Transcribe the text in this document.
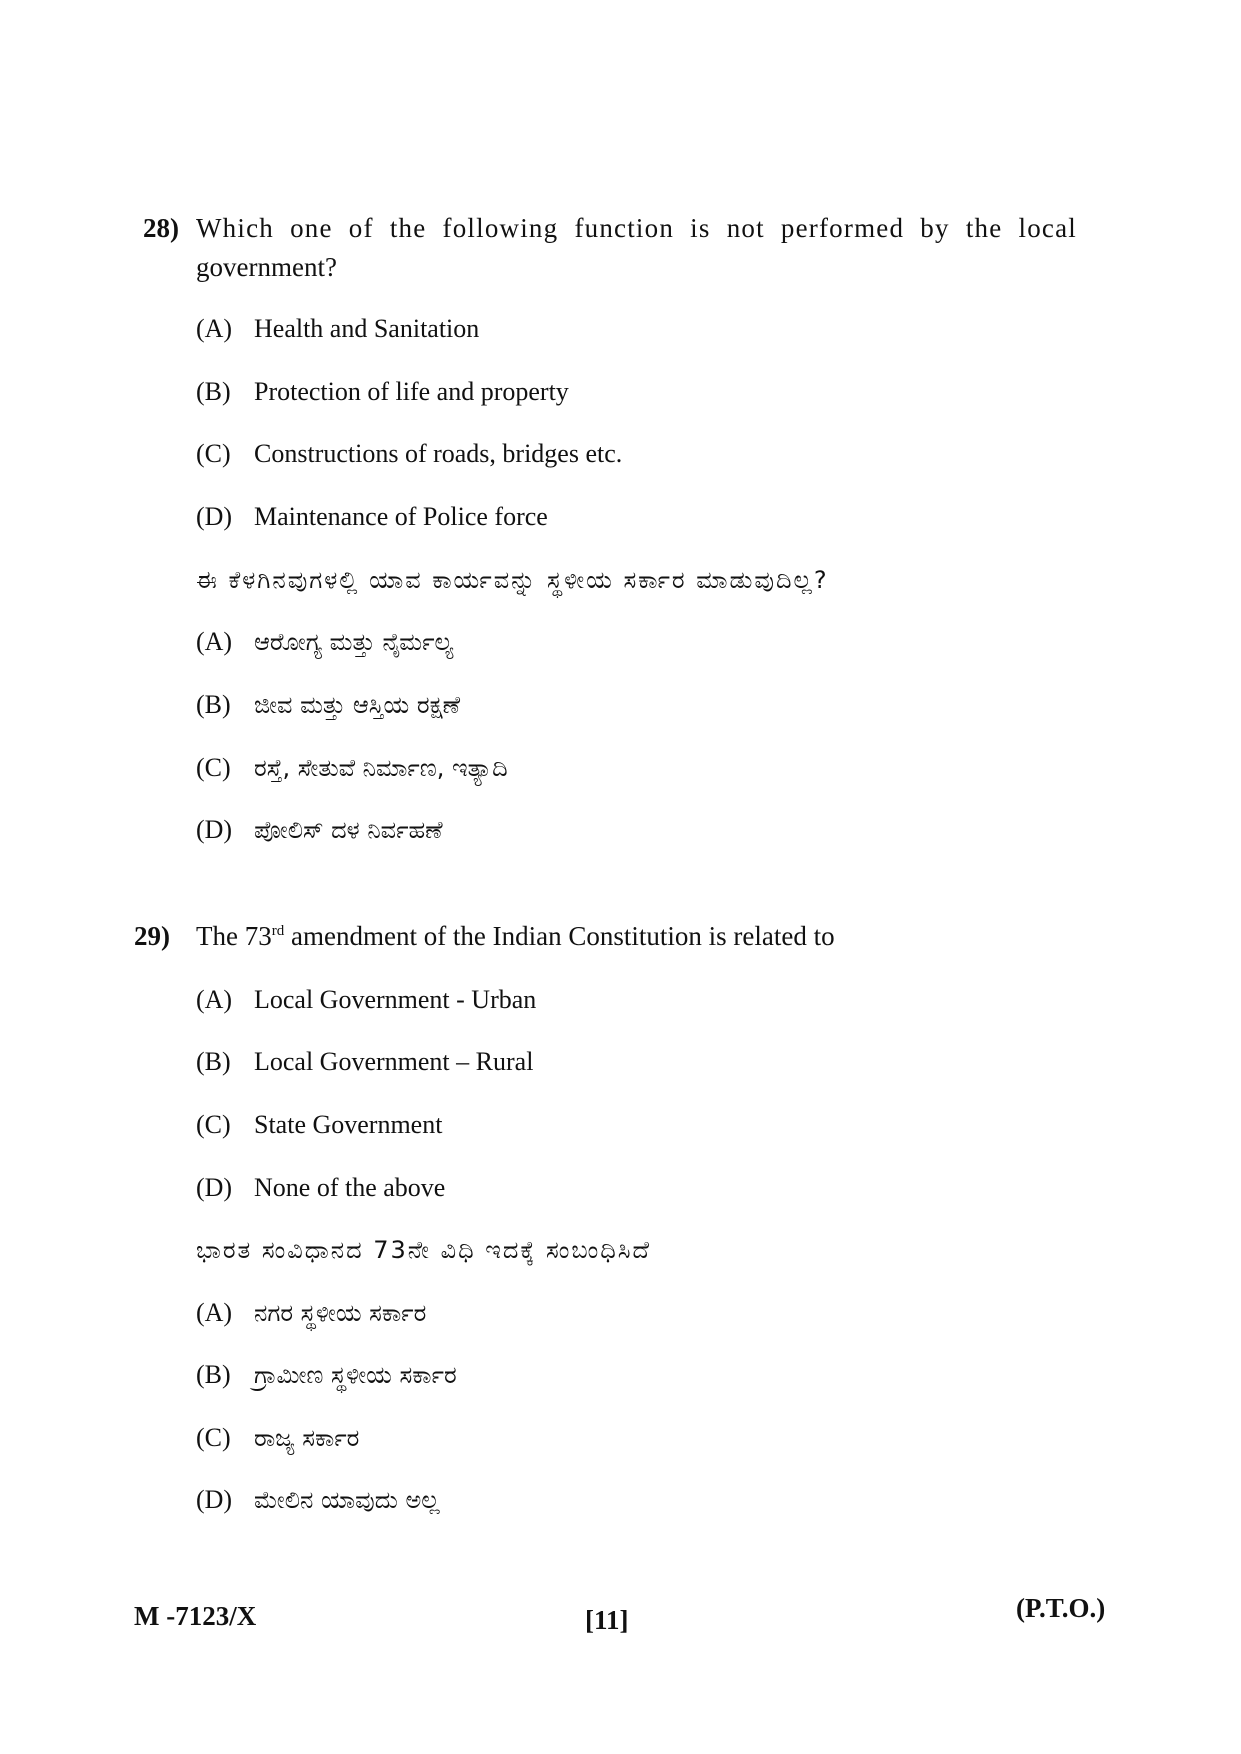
28) Which one of the following function is not performed by the local
government?
(A) Health and Sanitation
(B) Protection of life and property
(C) Constructions of roads, bridges etc.
(D) Maintenance of Police force
ಈ ಕೆಳಗಿನವುಗಳಲ್ಲಿ ಯಾವ ಕಾರ್ಯವನ್ನು ಸ್ಥಳೀಯ ಸರ್ಕಾರ ಮಾಡುವುದಿಲ್ಲ?
(A) ಆರೋಗ್ಯ ಮತ್ತು ನೈರ್ಮಲ್ಯ
(B) ಜೀವ ಮತ್ತು ಆಸ್ತಿಯ ರಕ್ಷಣೆ
(C) ರಸ್ತೆ, ಸೇತುವೆ ನಿರ್ಮಾಣ, ಇತ್ಯಾದಿ
(D) ಪೋಲಿಸ್ ದಳ ನಿರ್ವಹಣೆ
29) The 73rd amendment of the Indian Constitution is related to
(A) Local Government - Urban
(B) Local Government – Rural
(C) State Government
(D) None of the above
ಭಾರತ ಸಂವಿಧಾನದ 73ನೇ ವಿಧಿ ಇದಕ್ಕೆ ಸಂಬಂಧಿಸಿದೆ
(A) ನಗರ ಸ್ಥಳೀಯ ಸರ್ಕಾರ
(B) ಗ್ರಾಮೀಣ ಸ್ಥಳೀಯ ಸರ್ಕಾರ
(C) ರಾಜ್ಯ ಸರ್ಕಾರ
(D) ಮೇಲಿನ ಯಾವುದು ಅಲ್ಲ
M -7123/X	[11]	(P.T.O.)
